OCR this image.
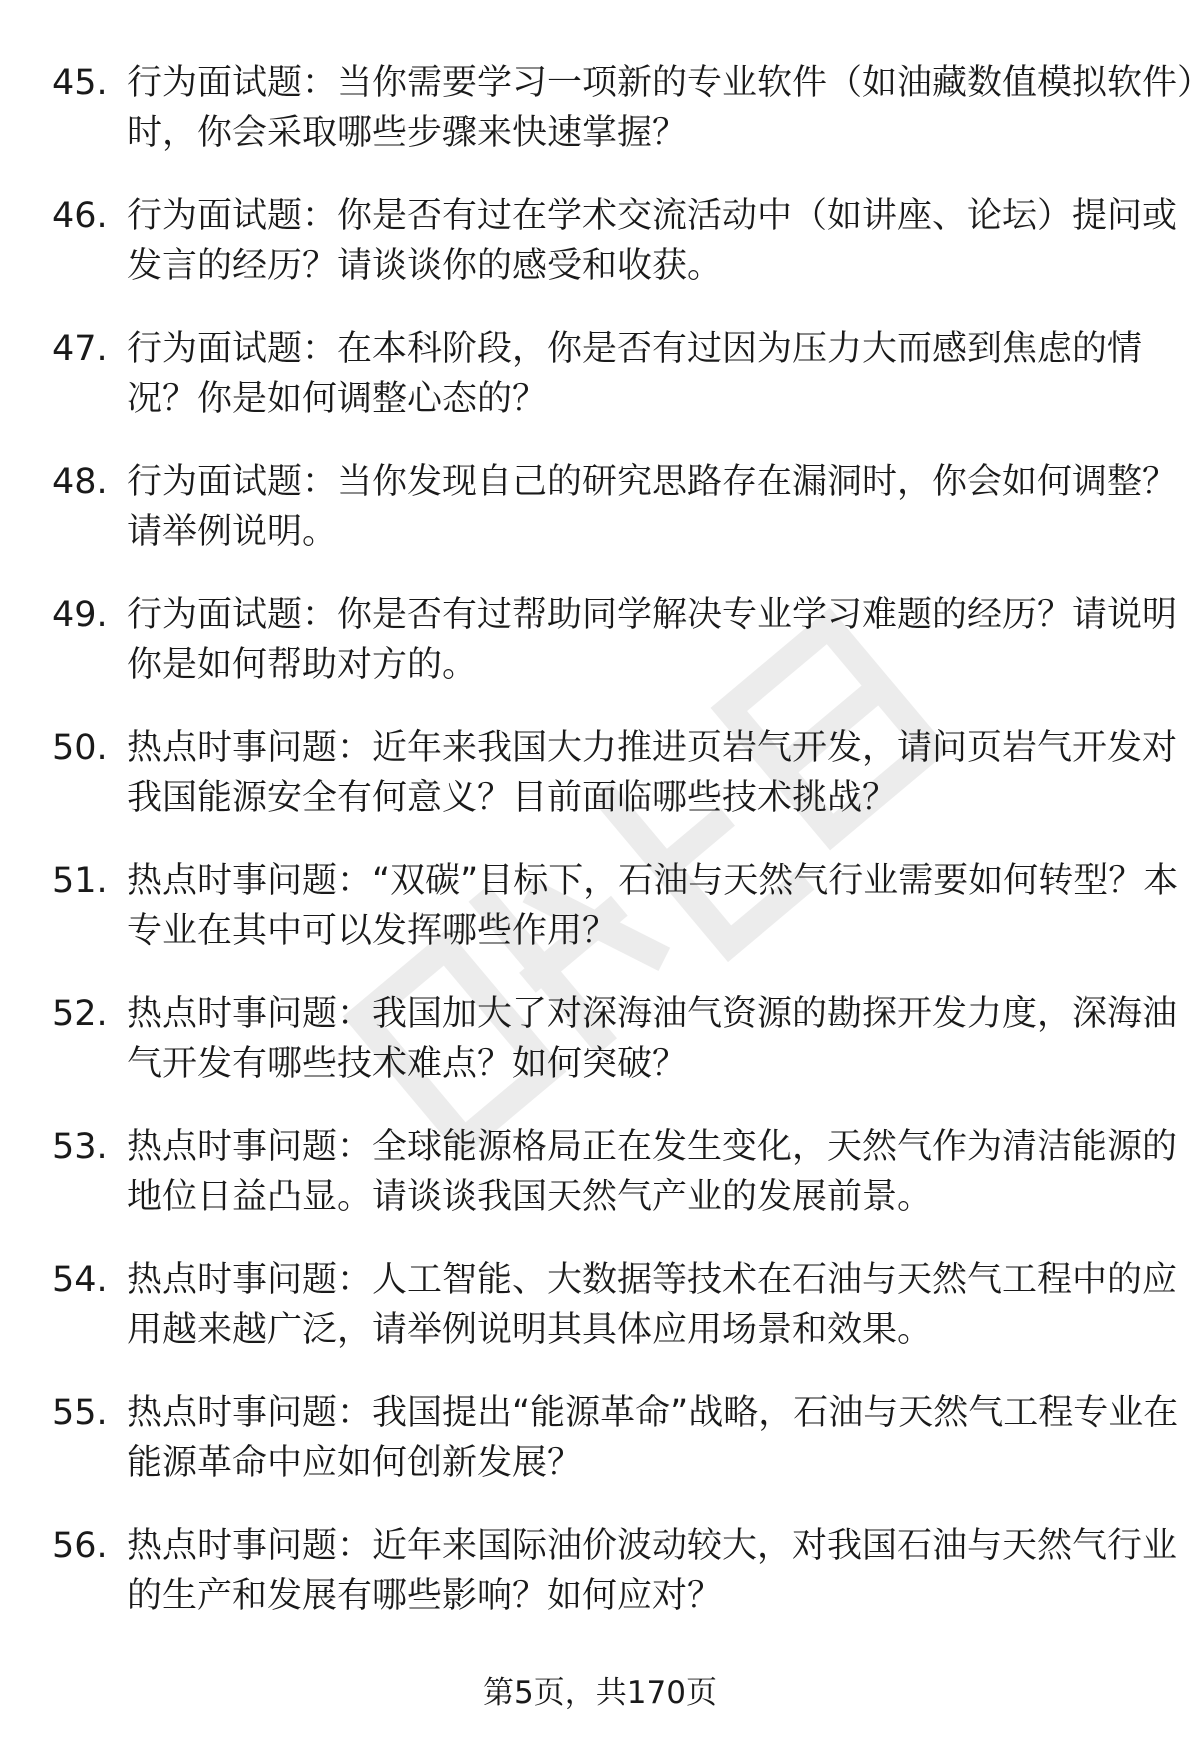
45. 行为面试题：当你需要学习一项新的专业软件（如油藏数值模拟软件）时，你会采取哪些步骤来快速掌握？
46. 行为面试题：你是否有过在学术交流活动中（如讲座、论坛）提问或发言的经历？请谈谈你的感受和收获。
47. 行为面试题：在本科阶段，你是否有过因为压力大而感到焦虑的情况？你是如何调整心态的？
48. 行为面试题：当你发现自己的研究思路存在漏洞时，你会如何调整？请举例说明。
49. 行为面试题：你是否有过帮助同学解决专业学习难题的经历？请说明你是如何帮助对方的。
50. 热点时事问题：近年来我国大力推进页岩气开发，请问页岩气开发对我国能源安全有何意义？目前面临哪些技术挑战？
51. 热点时事问题：“双碳”目标下，石油与天然气行业需要如何转型？本专业在其中可以发挥哪些作用？
52. 热点时事问题：我国加大了对深海油气资源的勘探开发力度，深海油气开发有哪些技术难点？如何突破？
53. 热点时事问题：全球能源格局正在发生变化，天然气作为清洁能源的地位日益凸显。请谈谈我国天然气产业的发展前景。
54. 热点时事问题：人工智能、大数据等技术在石油与天然气工程中的应用越来越广泛，请举例说明其具体应用场景和效果。
55. 热点时事问题：我国提出“能源革命”战略，石油与天然气工程专业在能源革命中应如何创新发展？
56. 热点时事问题：近年来国际油价波动较大，对我国石油与天然气行业的生产和发展有哪些影响？如何应对？
第5页，共170页
